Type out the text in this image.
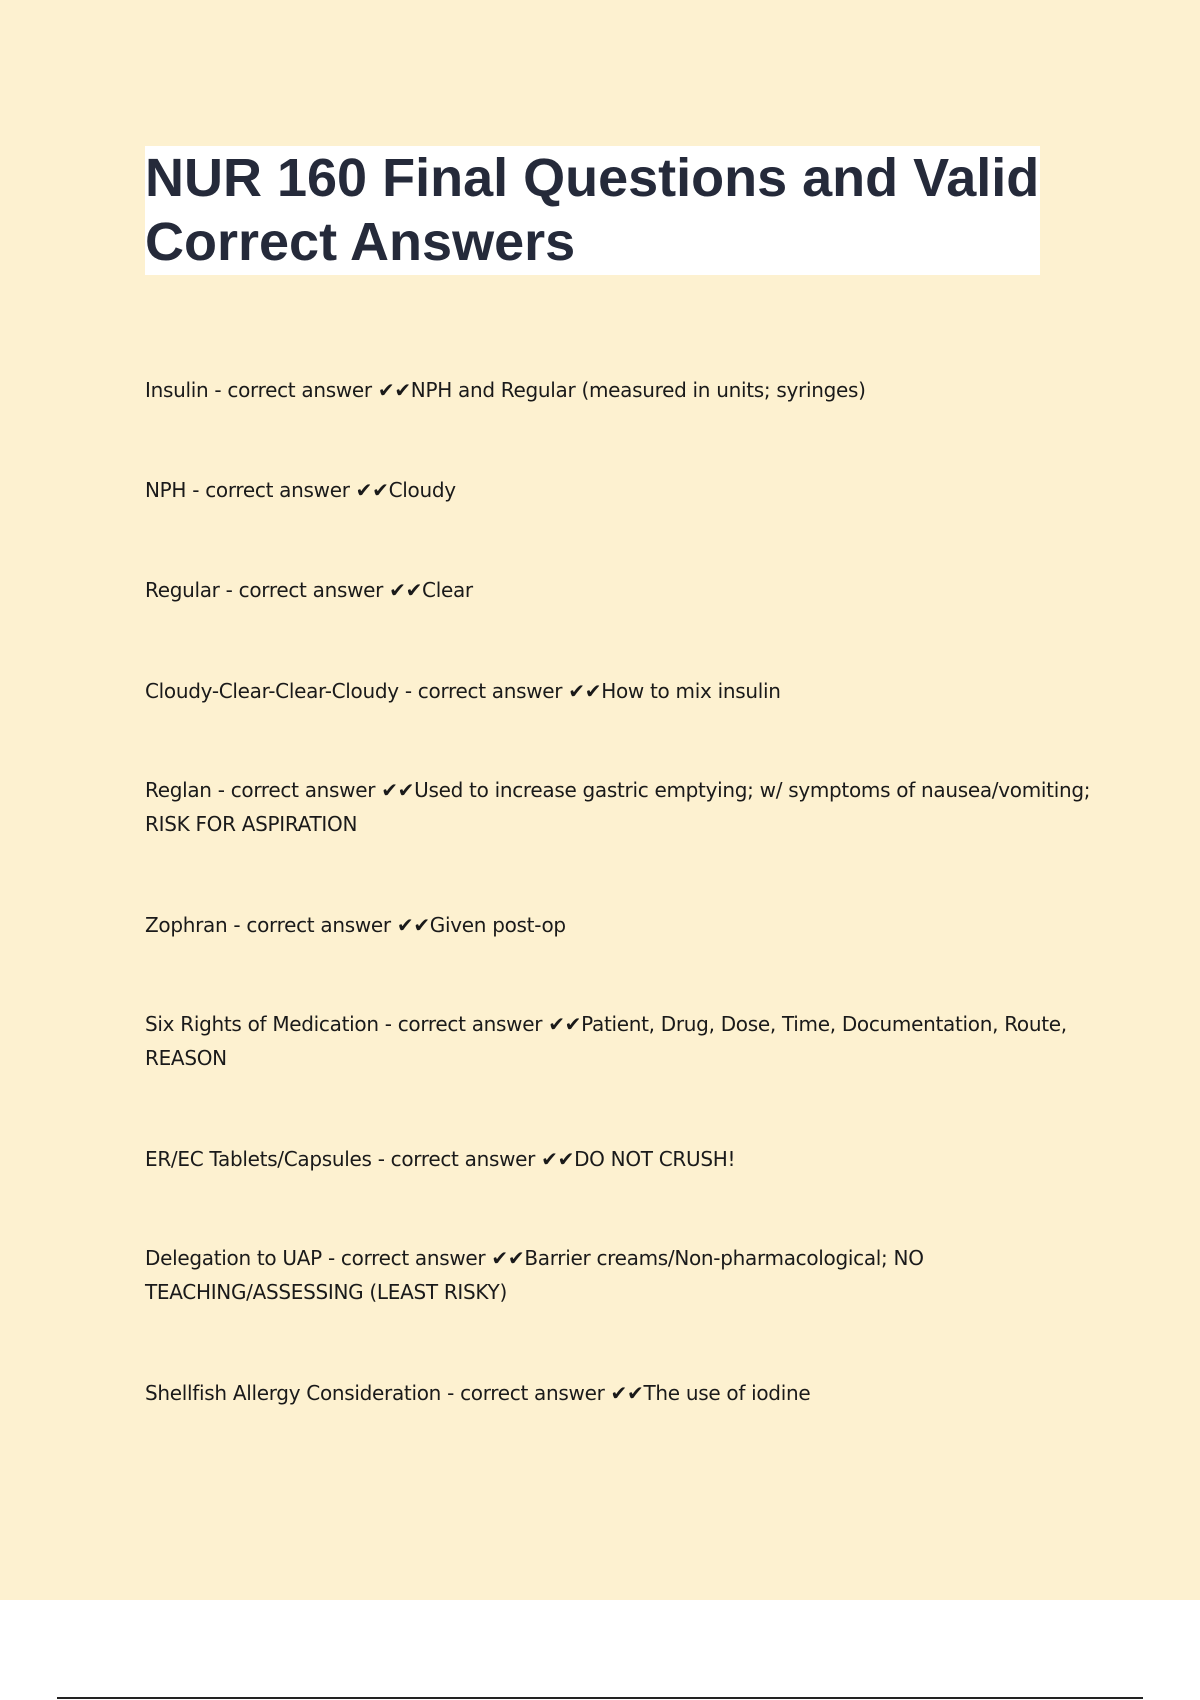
NUR 160 Final Questions and Valid Correct Answers

Insulin - correct answer ✔✔NPH and Regular (measured in units; syringes)

NPH - correct answer ✔✔Cloudy

Regular - correct answer ✔✔Clear

Cloudy-Clear-Clear-Cloudy - correct answer ✔✔How to mix insulin

Reglan - correct answer ✔✔Used to increase gastric emptying; w/ symptoms of nausea/vomiting; RISK FOR ASPIRATION

Zophran - correct answer ✔✔Given post-op

Six Rights of Medication - correct answer ✔✔Patient, Drug, Dose, Time, Documentation, Route, REASON

ER/EC Tablets/Capsules - correct answer ✔✔DO NOT CRUSH!

Delegation to UAP - correct answer ✔✔Barrier creams/Non-pharmacological; NO TEACHING/ASSESSING (LEAST RISKY)

Shellfish Allergy Consideration - correct answer ✔✔The use of iodine
